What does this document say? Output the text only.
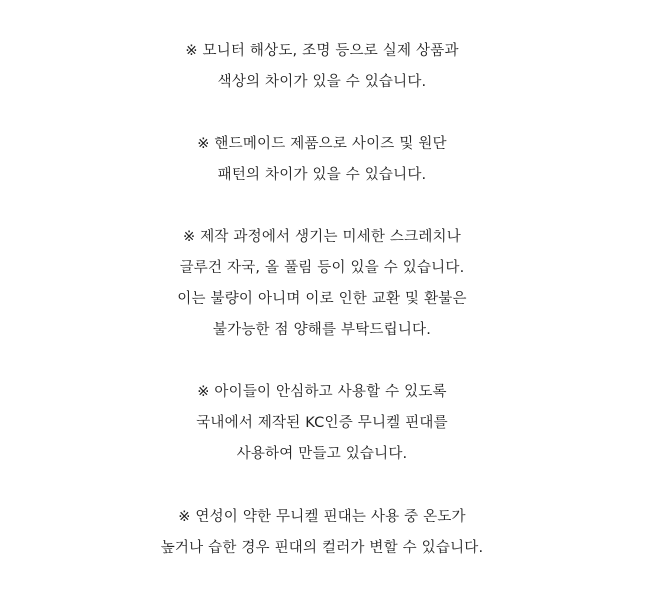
※ 모니터 해상도, 조명 등으로 실제 상품과
색상의 차이가 있을 수 있습니다.
※ 핸드메이드 제품으로 사이즈 및 원단
패턴의 차이가 있을 수 있습니다.
※ 제작 과정에서 생기는 미세한 스크레치나
글루건 자국, 올 풀림 등이 있을 수 있습니다.
이는 불량이 아니며 이로 인한 교환 및 환불은
불가능한 점 양해를 부탁드립니다.
※ 아이들이 안심하고 사용할 수 있도록
국내에서 제작된 KC인증 무니켈 핀대를
사용하여 만들고 있습니다.
※ 연성이 약한 무니켈 핀대는 사용 중 온도가
높거나 습한 경우 핀대의 컬러가 변할 수 있습니다.
